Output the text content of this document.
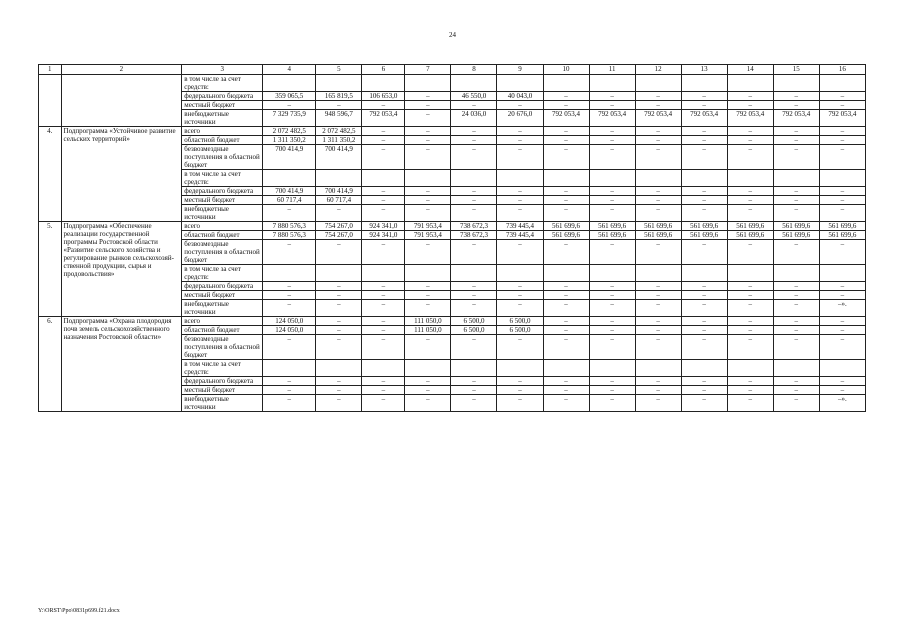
24
1	2	3	4	5	6	7	8	9	10	11	12	13	14	15	16
		в том числе за счет средств:													
		федерального бюджета	359 065,5	165 819,5	106 653,0	–	46 550,0	40 043,0	–	–	–	–	–	–	–
		местный бюджет	–	–	–	–	–	–	–	–	–	–	–	–	–
		внебюджетные источники	7 329 735,9	948 596,7	792 053,4	–	24 036,0	20 676,0	792 053,4	792 053,4	792 053,4	792 053,4	792 053,4	792 053,4	792 053,4
4.	Подпрограмма «Устойчивое развитие сельских территорий»	всего	2 072 482,5	2 072 482,5	–	–	–	–	–	–	–	–	–	–	–
		областной бюджет	1 311 350,2	1 311 350,2	–	–	–	–	–	–	–	–	–	–	–
		безвозмездные поступления в областной бюджет	700 414,9	700 414,9	–	–	–	–	–	–	–	–	–	–	–
		в том числе за счет средств:													
		федерального бюджета	700 414,9	700 414,9	–	–	–	–	–	–	–	–	–	–	–
		местный бюджет	60 717,4	60 717,4	–	–	–	–	–	–	–	–	–	–	–
		внебюджетные источники	–	–	–	–	–	–	–	–	–	–	–	–	–
5.	Подпрограмма «Обеспечение реализации государственной программы Ростовской области «Развитие сельского хозяйства и регулирование рынков сельскохозяй-ственной продукции, сырья и продовольствия»	всего	7 880 576,3	754 267,0	924 341,0	791 953,4	738 672,3	739 445,4	561 699,6	561 699,6	561 699,6	561 699,6	561 699,6	561 699,6	561 699,6
		областной бюджет	7 880 576,3	754 267,0	924 341,0	791 953,4	738 672,3	739 445,4	561 699,6	561 699,6	561 699,6	561 699,6	561 699,6	561 699,6	561 699,6
		безвозмездные поступления в областной бюджет	–	–	–	–	–	–	–	–	–	–	–	–	–
		в том числе за счет средств:													
		федерального бюджета	–	–	–	–	–	–	–	–	–	–	–	–	–
		местный бюджет	–	–	–	–	–	–	–	–	–	–	–	–	–
		внебюджетные источники	–	–	–	–	–	–	–	–	–	–	–	–	–».
6.	Подпрограмма «Охрана плодородия почв земель сельскохозяйственного назначения Ростовской области»	всего	124 050,0	–	–	111 050,0	6 500,0	6 500,0	–	–	–	–	–	–	–
		областной бюджет	124 050,0	–	–	111 050,0	6 500,0	6 500,0	–	–	–	–	–	–	–
		безвозмездные поступления в областной бюджет	–	–	–	–	–	–	–	–	–	–	–	–	–
		в том числе за счет средств:													
		федерального бюджета	–	–	–	–	–	–	–	–	–	–	–	–	–
		местный бюджет	–	–	–	–	–	–	–	–	–	–	–	–	–
		внебюджетные источники	–	–	–	–	–	–	–	–	–	–	–	–	–».
Y:\ORST\Ppo\0831p699.f21.docx
